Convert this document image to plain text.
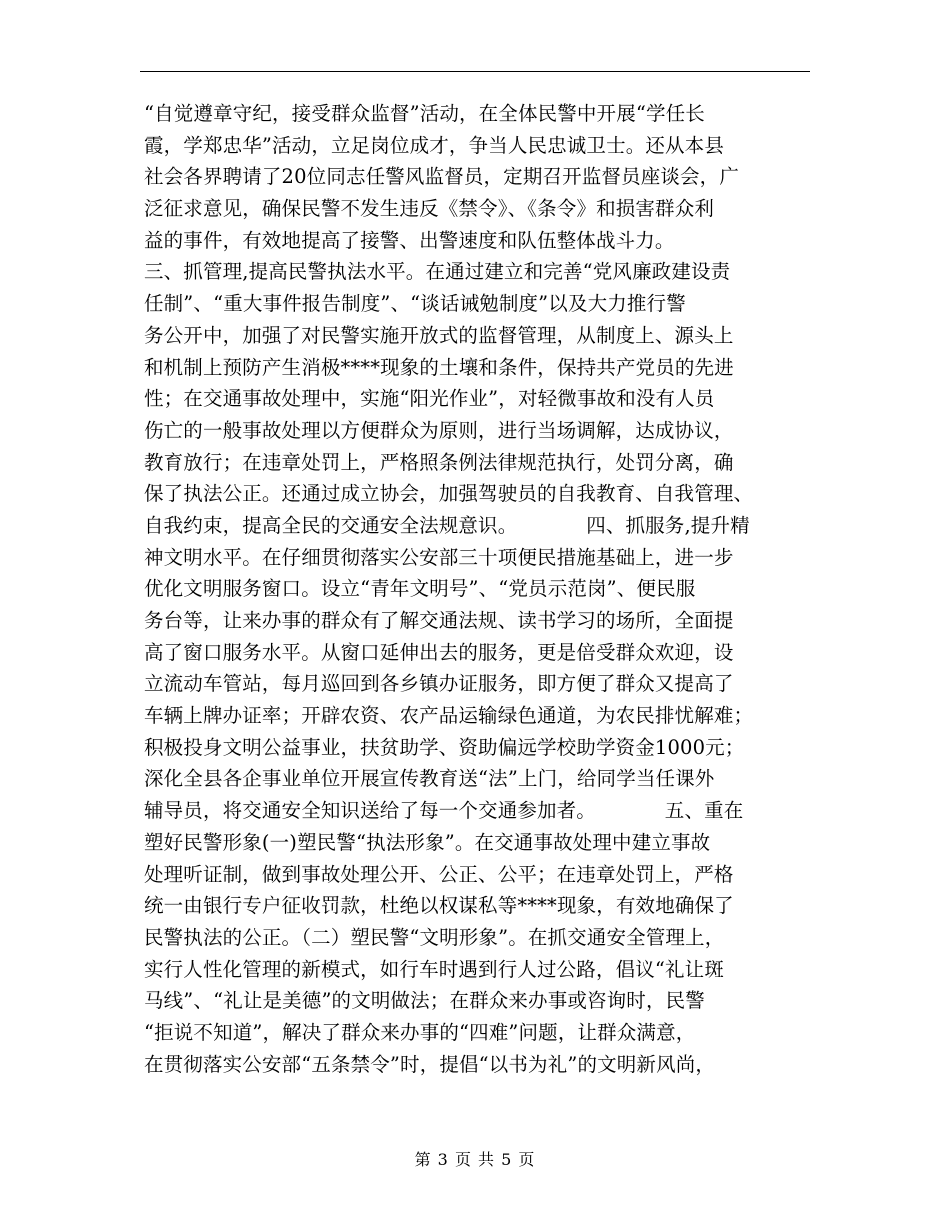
“自觉遵章守纪，接受群众监督”活动，在全体民警中开展“学任长
霞，学郑忠华”活动，立足岗位成才，争当人民忠诚卫士。还从本县
社会各界聘请了20位同志任警风监督员，定期召开监督员座谈会，广
泛征求意见，确保民警不发生违反《禁令》、《条令》和损害群众利
益的事件，有效地提高了接警、出警速度和队伍整体战斗力。
三、抓管理,提高民警执法水平。在通过建立和完善“党风廉政建设责
任制”、“重大事件报告制度”、“谈话诫勉制度”以及大力推行警
务公开中，加强了对民警实施开放式的监督管理，从制度上、源头上
和机制上预防产生消极****现象的土壤和条件，保持共产党员的先进
性；在交通事故处理中，实施“阳光作业”，对轻微事故和没有人员
伤亡的一般事故处理以方便群众为原则，进行当场调解，达成协议，
教育放行；在违章处罚上，严格照条例法律规范执行，处罚分离，确
保了执法公正。还通过成立协会，加强驾驶员的自我教育、自我管理、
自我约束，提高全民的交通安全法规意识。　　　　四、抓服务,提升精
神文明水平。在仔细贯彻落实公安部三十项便民措施基础上，进一步
优化文明服务窗口。设立“青年文明号”、“党员示范岗”、便民服
务台等，让来办事的群众有了解交通法规、读书学习的场所，全面提
高了窗口服务水平。从窗口延伸出去的服务，更是倍受群众欢迎，设
立流动车管站，每月巡回到各乡镇办证服务，即方便了群众又提高了
车辆上牌办证率；开辟农资、农产品运输绿色通道，为农民排忧解难；
积极投身文明公益事业，扶贫助学、资助偏远学校助学资金1000元；
深化全县各企事业单位开展宣传教育送“法”上门，给同学当任课外
辅导员，将交通安全知识送给了每一个交通参加者。　　　　五、重在
塑好民警形象(一)塑民警“执法形象”。在交通事故处理中建立事故
处理听证制，做到事故处理公开、公正、公平；在违章处罚上，严格
统一由银行专户征收罚款，杜绝以权谋私等****现象，有效地确保了
民警执法的公正。（二）塑民警“文明形象”。在抓交通安全管理上，
实行人性化管理的新模式，如行车时遇到行人过公路，倡议“礼让斑
马线”、“礼让是美德”的文明做法；在群众来办事或咨询时，民警
“拒说不知道”，解决了群众来办事的“四难”问题，让群众满意，
在贯彻落实公安部“五条禁令”时，提倡“以书为礼”的文明新风尚，
第 3 页 共 5 页
